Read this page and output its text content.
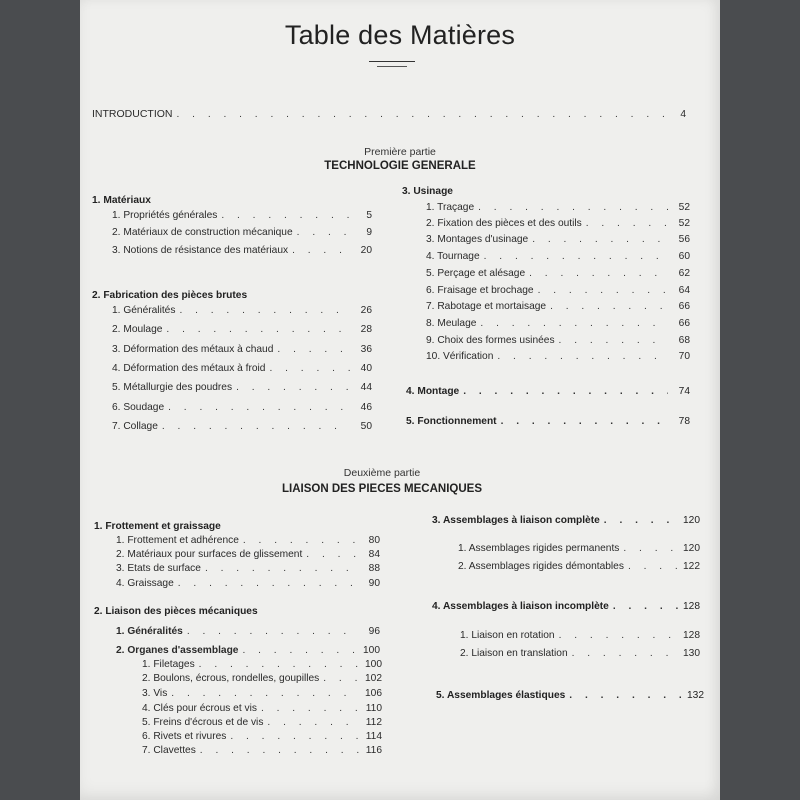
Table des Matières
INTRODUCTION . . .	4
Première partie
TECHNOLOGIE GENERALE
1. Matériaux
1. Propriétés générales . . .	5
2. Matériaux de construction mécanique . . .	9
3. Notions de résistance des matériaux . . .	20
2. Fabrication des pièces brutes
1. Généralités . . .	26
2. Moulage . . .	28
3. Déformation des métaux à chaud . . .	36
4. Déformation des métaux à froid . . .	40
5. Métallurgie des poudres . . .	44
6. Soudage . . .	46
7. Collage . . .	50
3. Usinage
1. Traçage . . .	52
2. Fixation des pièces et des outils . . .	52
3. Montages d'usinage . . .	56
4. Tournage . . .	60
5. Perçage et alésage . . .	62
6. Fraisage et brochage . . .	64
7. Rabotage et mortaisage . . .	66
8. Meulage . . .	66
9. Choix des formes usinées . . .	68
10. Vérification . . .	70
4. Montage . . .	74
5. Fonctionnement . . .	78
Deuxième partie
LIAISON DES PIECES MECANIQUES
1. Frottement et graissage
1. Frottement et adhérence . . .	80
2. Matériaux pour surfaces de glissement . . .	84
3. Etats de surface . . .	88
4. Graissage . . .	90
2. Liaison des pièces mécaniques
1. Généralités . . .	96
2. Organes d'assemblage . . .	100
1. Filetages . . .	100
2. Boulons, écrous, rondelles, goupilles . . .	102
3. Vis . . .	106
4. Clés pour écrous et vis . . .	110
5. Freins d'écrous et de vis . . .	112
6. Rivets et rivures . . .	114
7. Clavettes . . .	116
3. Assemblages à liaison complète . . .	120
1. Assemblages rigides permanents . . .	120
2. Assemblages rigides démontables . . .	122
4. Assemblages à liaison incomplète . . .	128
1. Liaison en rotation . . .	128
2. Liaison en translation . . .	130
5. Assemblages élastiques . . .	132
